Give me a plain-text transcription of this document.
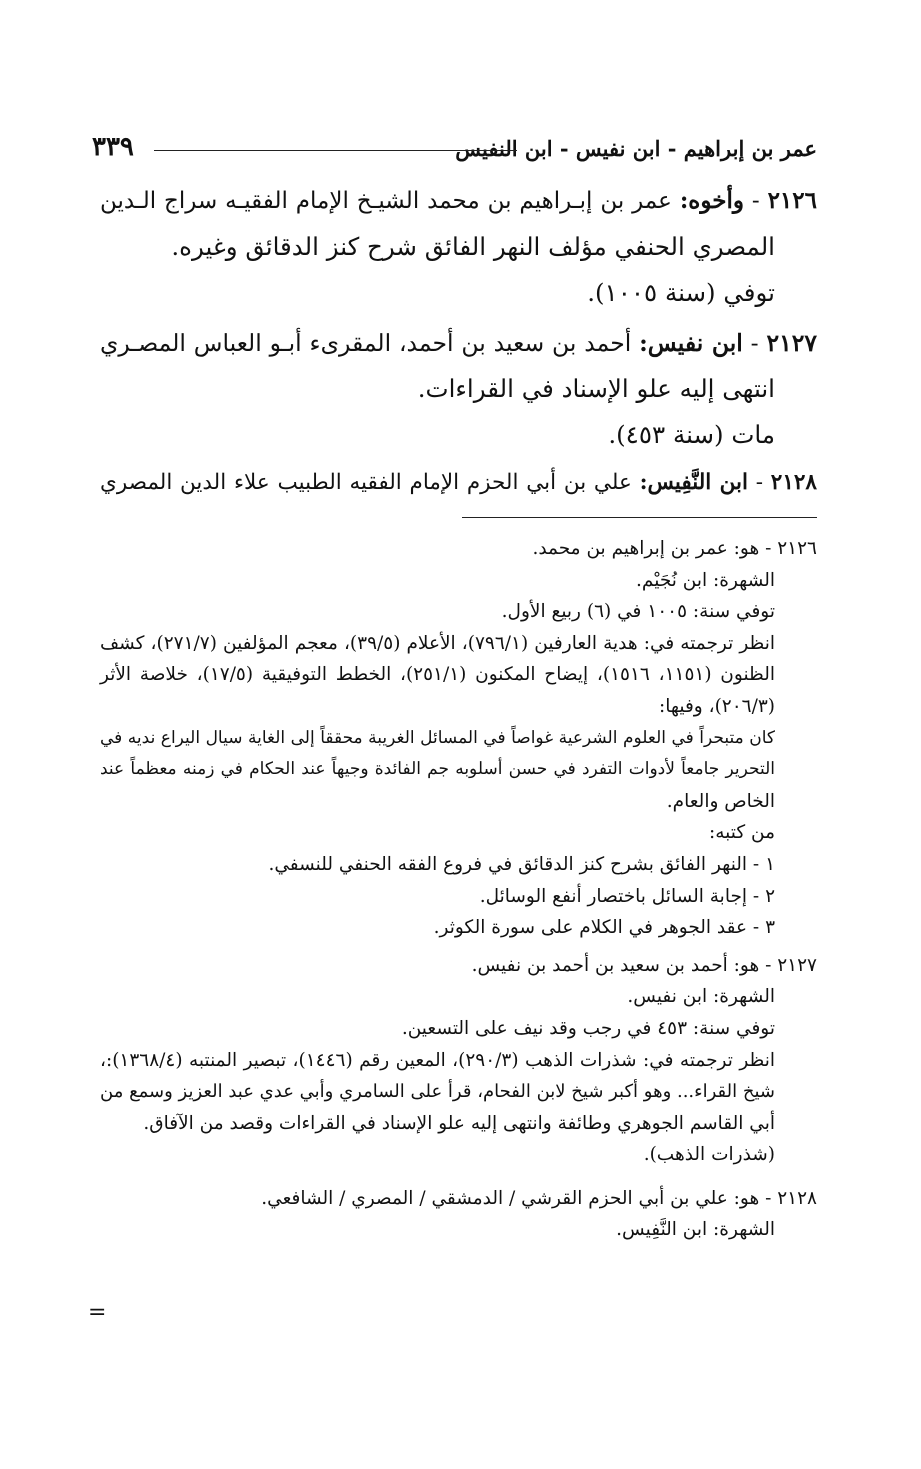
عمر بن إبراهيم - ابن نفيس - ابن النفيس
٣٣٩
٢١٢٦ - وأخوه: عمر بن إبـراهيم بن محمد الشيـخ الإمام الفقيـه سراج الـدين
المصري الحنفي مؤلف النهر الفائق شرح كنز الدقائق وغيره.
توفي (سنة ١٠٠٥).
٢١٢٧ - ابن نفيس: أحمد بن سعيد بن أحمد، المقرىء أبـو العباس المصـري
انتهى إليه علو الإسناد في القراءات.
مات (سنة ٤٥٣).
٢١٢٨ - ابن النَّفِيس: علي بن أبي الحزم الإمام الفقيه الطبيب علاء الدين المصري
٢١٢٦ - هو: عمر بن إبراهيم بن محمد.
الشهرة: ابن نُجَيْم.
توفي سنة: ١٠٠٥ في (٦) ربيع الأول.
انظر ترجمته في: هدية العارفين (٧٩٦/١)، الأعلام (٣٩/٥)، معجم المؤلفين (٢٧١/٧)، كشف
الظنون (١١٥١، ١٥١٦)، إيضاح المكنون (٢٥١/١)، الخطط التوفيقية (١٧/٥)، خلاصة الأثر
(٢٠٦/٣)، وفيها:
كان متبحراً في العلوم الشرعية غواصاً في المسائل الغريبة محققاً إلى الغاية سيال اليراع نديه في
التحرير جامعاً لأدوات التفرد في حسن أسلوبه جم الفائدة وجيهاً عند الحكام في زمنه معظماً عند
الخاص والعام.
من كتبه:
١ - النهر الفائق بشرح كنز الدقائق في فروع الفقه الحنفي للنسفي.
٢ - إجابة السائل باختصار أنفع الوسائل.
٣ - عقد الجوهر في الكلام على سورة الكوثر.
٢١٢٧ - هو: أحمد بن سعيد بن أحمد بن نفيس.
الشهرة: ابن نفيس.
توفي سنة: ٤٥٣ في رجب وقد نيف على التسعين.
انظر ترجمته في: شذرات الذهب (٢٩٠/٣)، المعين رقم (١٤٤٦)، تبصير المنتبه (١٣٦٨/٤):،
شيخ القراء... وهو أكبر شيخ لابن الفحام، قرأ على السامري وأبي عدي عبد العزيز وسمع من
أبي القاسم الجوهري وطائفة وانتهى إليه علو الإسناد في القراءات وقصد من الآفاق.
(شذرات الذهب).
٢١٢٨ - هو: علي بن أبي الحزم القرشي / الدمشقي / المصري / الشافعي.
الشهرة: ابن النَّفِيس.
=
